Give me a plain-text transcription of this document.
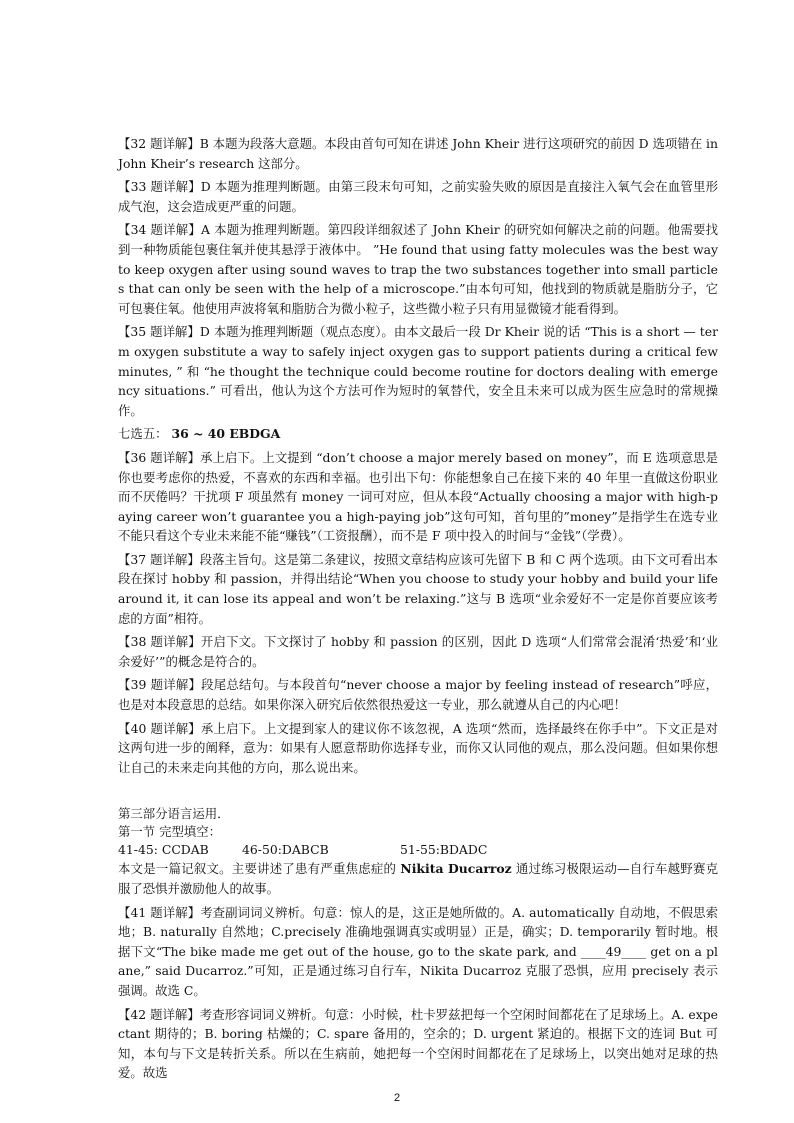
【32 题详解】B 本题为段落大意题。本段由首句可知在讲述 John Kheir 进行这项研究的前因 D 选项错在 in John Kheir’s research 这部分。

【33 题详解】D 本题为推理判断题。由第三段末句可知，之前实验失败的原因是直接注入氧气会在血管里形成气泡，这会造成更严重的问题。

【34 题详解】A 本题为推理判断题。第四段详细叙述了 John Kheir 的研究如何解决之前的问题。他需要找到一种物质能包裹住氧并使其悬浮于液体中。 ”He found that using fatty molecules was the best way to keep oxygen after using sound waves to trap the two substances together into small particles that can only be seen with the help of a microscope.”由本句可知，他找到的物质就是脂肪分子，它可包裹住氧。他使用声波将氧和脂肪合为微小粒子，这些微小粒子只有用显微镜才能看得到。

【35 题详解】D 本题为推理判断题（观点态度）。由本文最后一段 Dr Kheir 说的话 “This is a short — term oxygen substitute a way to safely inject oxygen gas to support patients during a critical few minutes, ” 和 “he thought the technique could become routine for doctors dealing with emergency situations.” 可看出，他认为这个方法可作为短时的氧替代，安全且未来可以成为医生应急时的常规操作。

七选五： 36 ~ 40 EBDGA

【36 题详解】承上启下。上文提到 “don’t choose a major merely based on money”，而 E 选项意思是你也要考虑你的热爱，不喜欢的东西和幸福。也引出下句：你能想象自己在接下来的 40 年里一直做这份职业而不厌倦吗？干扰项 F 项虽然有 money 一词可对应，但从本段“Actually choosing a major with high-paying career won’t guarantee you a high-paying job”这句可知，首句里的”money”是指学生在选专业不能只看这个专业未来能不能“赚钱”（工资报酬），而不是 F 项中投入的时间与“金钱”（学费）。

【37 题详解】段落主旨句。这是第二条建议，按照文章结构应该可先留下 B 和 C 两个选项。由下文可看出本段在探讨 hobby 和 passion，并得出结论“When you choose to study your hobby and build your life around it, it can lose its appeal and won’t be relaxing.”这与 B 选项“业余爱好不一定是你首要应该考虑的方面”相符。

【38 题详解】开启下文。下文探讨了 hobby 和 passion 的区别，因此 D 选项“人们常常会混淆‘热爱’和‘业余爱好’”的概念是符合的。

【39 题详解】段尾总结句。与本段首句“never choose a major by feeling instead of research”呼应，也是对本段意思的总结。如果你深入研究后依然很热爱这一专业，那么就遵从自己的内心吧！

【40 题详解】承上启下。上文提到家人的建议你不该忽视，A 选项“然而，选择最终在你手中”。下文正是对这两句进一步的阐释，意为：如果有人愿意帮助你选择专业，而你又认同他的观点，那么没问题。但如果你想让自己的未来走向其他的方向，那么说出来。

第三部分语言运用．

第一节 完型填空：

41-45: CCDAB	46-50:DABCB	51-55:BDADC

本文是一篇记叙文。主要讲述了患有严重焦虑症的 Nikita Ducarroz 通过练习极限运动—自行车越野赛克服了恐惧并激励他人的故事。

【41 题详解】考查副词词义辨析。句意：惊人的是，这正是她所做的。A. automatically 自动地，不假思索地；B. naturally 自然地；C.precisely 准确地强调真实或明显）正是，确实；D. temporarily 暂时地。根据下文“The bike made me get out of the house, go to the skate park, and ____49____ get on a plane,” said Ducarroz.”可知，正是通过练习自行车，Nikita Ducarroz 克服了恐惧，应用 precisely 表示强调。故选 C。

【42 题详解】考查形容词词义辨析。句意：小时候，杜卡罗兹把每一个空闲时间都花在了足球场上。A. expectant 期待的；B. boring 枯燥的；C. spare 备用的，空余的；D. urgent 紧迫的。根据下文的连词 But 可知，本句与下文是转折关系。所以在生病前，她把每一个空闲时间都花在了足球场上，以突出她对足球的热爱。故选

2
